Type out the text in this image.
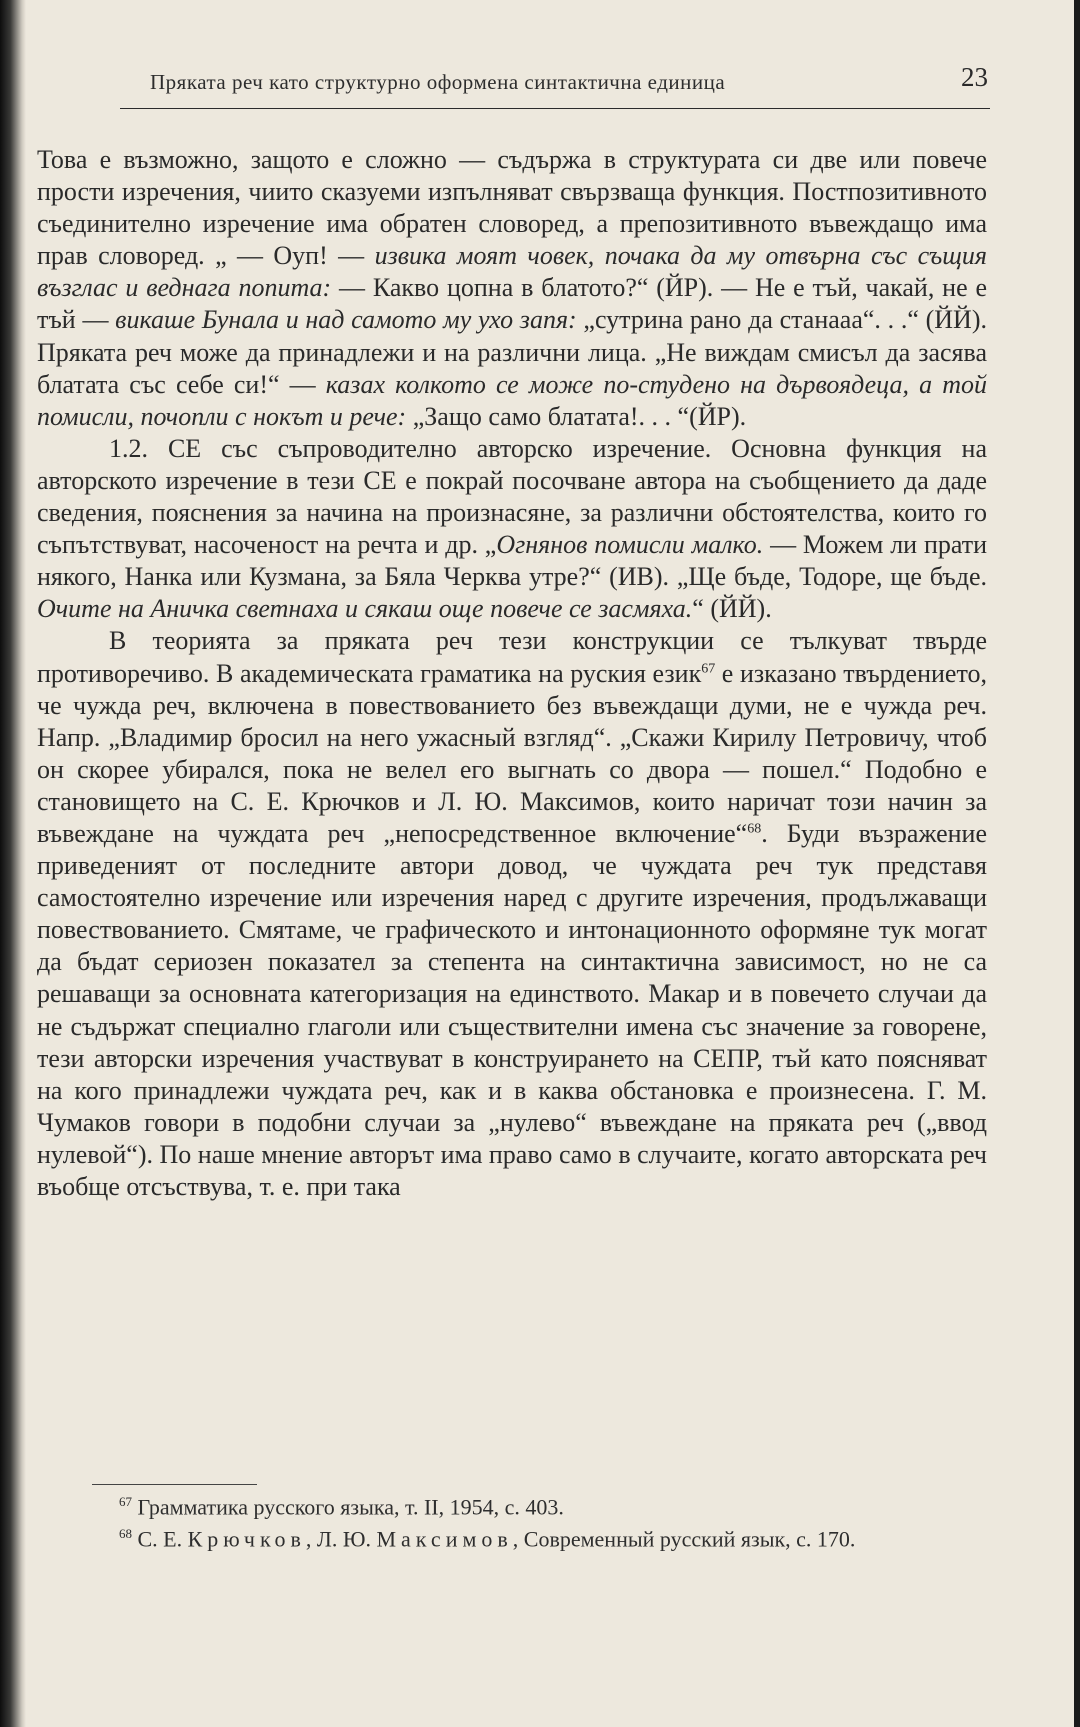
Пряката реч като структурно оформена синтактична единица	23

Това е възможно, защото е сложно — съдържа в структурата си две или повече прости изречения, чиито сказуеми изпълняват свързваща функция. Постпозитивното съединително изречение има обратен словоред, а препозитивното въвеждащо има прав словоред. „ — Оуп! — извика моят човек, почака да му отвърна със същия възглас и веднага попита: — Какво цопна в блатото?“ (ЙР). — Не е тъй, чакай, не е тъй — викаше Бунала и над самото му ухо запя: „сутрина рано да станааа“. . .“ (ЙЙ). Пряката реч може да принадлежи и на различни лица. „Не виждам смисъл да засява блатата със себе си!“ — казах колкото се може по-студено на дървоядеца, а той помисли, почопли с нокът и рече: „Защо само блатата!. . . “(ЙР).

1.2. СЕ със съпроводително авторско изречение. Основна функция на авторското изречение в тези СЕ е покрай посочване автора на съобщението да даде сведения, пояснения за начина на произнасяне, за различни обстоятелства, които го съпътствуват, насоченост на речта и др. „Огнянов помисли малко. — Можем ли прати някого, Нанка или Кузмана, за Бяла Черква утре?“ (ИВ). „Ще бъде, Тодоре, ще бъде. Очите на Аничка светнаха и сякаш още повече се засмяха.“ (ЙЙ).

В теорията за пряката реч тези конструкции се тълкуват твърде противоречиво. В академическата граматика на руския език$^{67}$ е изказано твърдението, че чужда реч, включена в повествованието без въвеждащи думи, не е чужда реч. Напр. „Владимир бросил на него ужасный взгляд“. „Скажи Кирилу Петровичу, чтоб он скорее убирался, пока не велел его выгнать со двора — пошел.“ Подобно е становището на С. Е. Крючков и Л. Ю. Максимов, които наричат този начин за въвеждане на чуждата реч „непосредственное включение“$^{68}$. Буди възражение приведеният от последните автори довод, че чуждата реч тук представя самостоятелно изречение или изречения наред с другите изречения, продължаващи повествованието. Смятаме, че графическото и интонационното оформяне тук могат да бъдат сериозен показател за степента на синтактична зависимост, но не са решаващи за основната категоризация на единството. Макар и в повечето случаи да не съдържат специално глаголи или съществителни имена със значение за говорене, тези авторски изречения участвуват в конструирането на СЕПР, тъй като поясняват на кого принадлежи чуждата реч, как и в каква обстановка е произнесена. Г. М. Чумаков говори в подобни случаи за „нулево“ въвеждане на пряката реч („ввод нулевой“). По наше мнение авторът има право само в случаите, когато авторската реч въобще отсъствува, т. е. при така

$^{67}$ Грамматика русского языка, т. II, 1954, с. 403.

$^{68}$ С. Е. Крючков, Л. Ю. Максимов, Современный русский язык, с. 170.
